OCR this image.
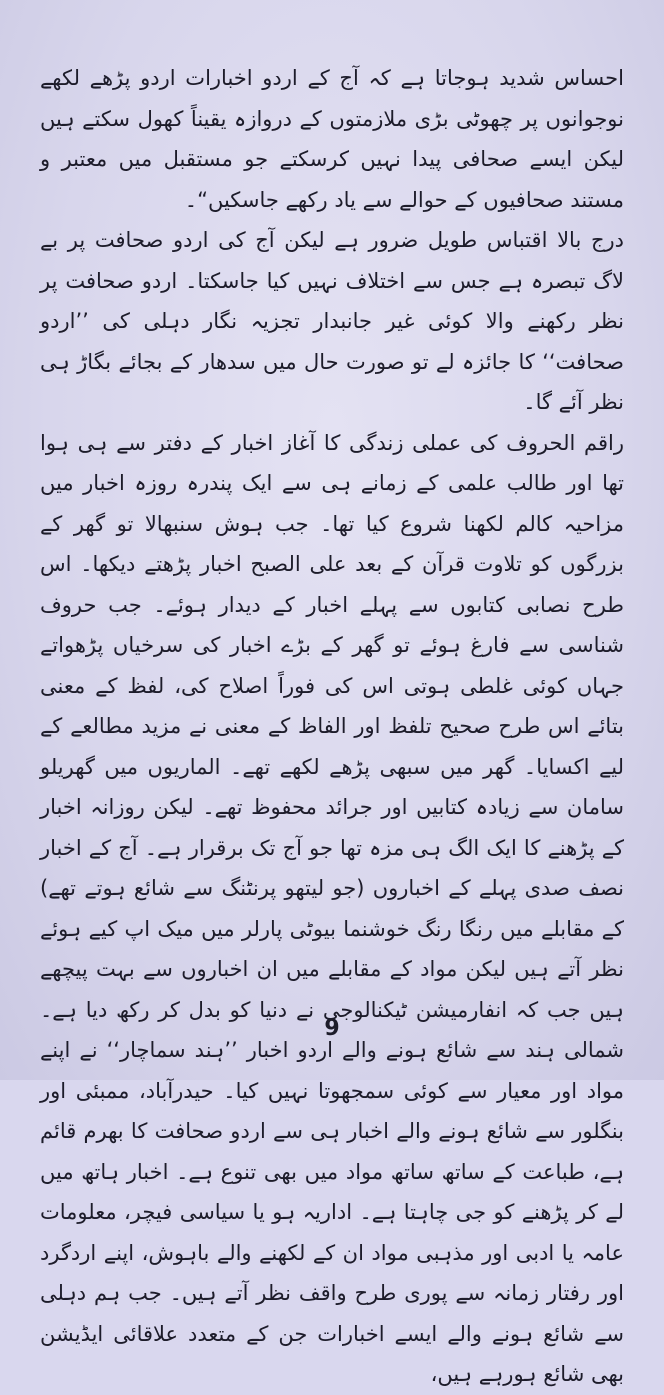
احساس شدید ہوجاتا ہے کہ آج کے اردو اخبارات اردو پڑھے لکھے نوجوانوں پر چھوٹی بڑی ملازمتوں کے دروازہ یقیناً کھول سکتے ہیں لیکن ایسے صحافی پیدا نہیں کرسکتے جو مستقبل میں معتبر و مستند صحافیوں کے حوالے سے یاد رکھے جاسکیں“۔

درج بالا اقتباس طویل ضرور ہے لیکن آج کی اردو صحافت پر بے لاگ تبصرہ ہے جس سے اختلاف نہیں کیا جاسکتا۔ اردو صحافت پر نظر رکھنے والا کوئی غیر جانبدار تجزیہ نگار دہلی کی ’’اردو صحافت‘‘ کا جائزہ لے تو صورت حال میں سدھار کے بجائے بگاڑ ہی نظر آئے گا۔

راقم الحروف کی عملی زندگی کا آغاز اخبار کے دفتر سے ہی ہوا تھا اور طالب علمی کے زمانے ہی سے ایک پندرہ روزہ اخبار میں مزاحیہ کالم لکھنا شروع کیا تھا۔ جب ہوش سنبھالا تو گھر کے بزرگوں کو تلاوت قرآن کے بعد علی الصبح اخبار پڑھتے دیکھا۔ اس طرح نصابی کتابوں سے پہلے اخبار کے دیدار ہوئے۔ جب حروف شناسی سے فارغ ہوئے تو گھر کے بڑے اخبار کی سرخیاں پڑھواتے جہاں کوئی غلطی ہوتی اس کی فوراً اصلاح کی، لفظ کے معنی بتائے اس طرح صحیح تلفظ اور الفاظ کے معنی نے مزید مطالعے کے لیے اکسایا۔ گھر میں سبھی پڑھے لکھے تھے۔ الماریوں میں گھریلو سامان سے زیادہ کتابیں اور جرائد محفوظ تھے۔ لیکن روزانہ اخبار کے پڑھنے کا ایک الگ ہی مزہ تھا جو آج تک برقرار ہے۔ آج کے اخبار نصف صدی پہلے کے اخباروں (جو لیتھو پرنٹنگ سے شائع ہوتے تھے) کے مقابلے میں رنگا رنگ خوشنما بیوٹی پارلر میں میک اپ کیے ہوئے نظر آتے ہیں لیکن مواد کے مقابلے میں ان اخباروں سے بہت پیچھے ہیں جب کہ انفارمیشن ٹیکنالوجی نے دنیا کو بدل کر رکھ دیا ہے۔ شمالی ہند سے شائع ہونے والے اردو اخبار ’’ہند سماچار‘‘ نے اپنے مواد اور معیار سے کوئی سمجھوتا نہیں کیا۔ حیدرآباد، ممبئی اور بنگلور سے شائع ہونے والے اخبار ہی سے اردو صحافت کا بھرم قائم ہے، طباعت کے ساتھ ساتھ مواد میں بھی تنوع ہے۔ اخبار ہاتھ میں لے کر پڑھنے کو جی چاہتا ہے۔ اداریہ ہو یا سیاسی فیچر، معلومات عامہ یا ادبی اور مذہبی مواد ان کے لکھنے والے باہوش، اپنے اردگرد اور رفتار زمانہ سے پوری طرح واقف نظر آتے ہیں۔ جب ہم دہلی سے شائع ہونے والے ایسے اخبارات جن کے متعدد علاقائی ایڈیشن بھی شائع ہورہے ہیں،

9
